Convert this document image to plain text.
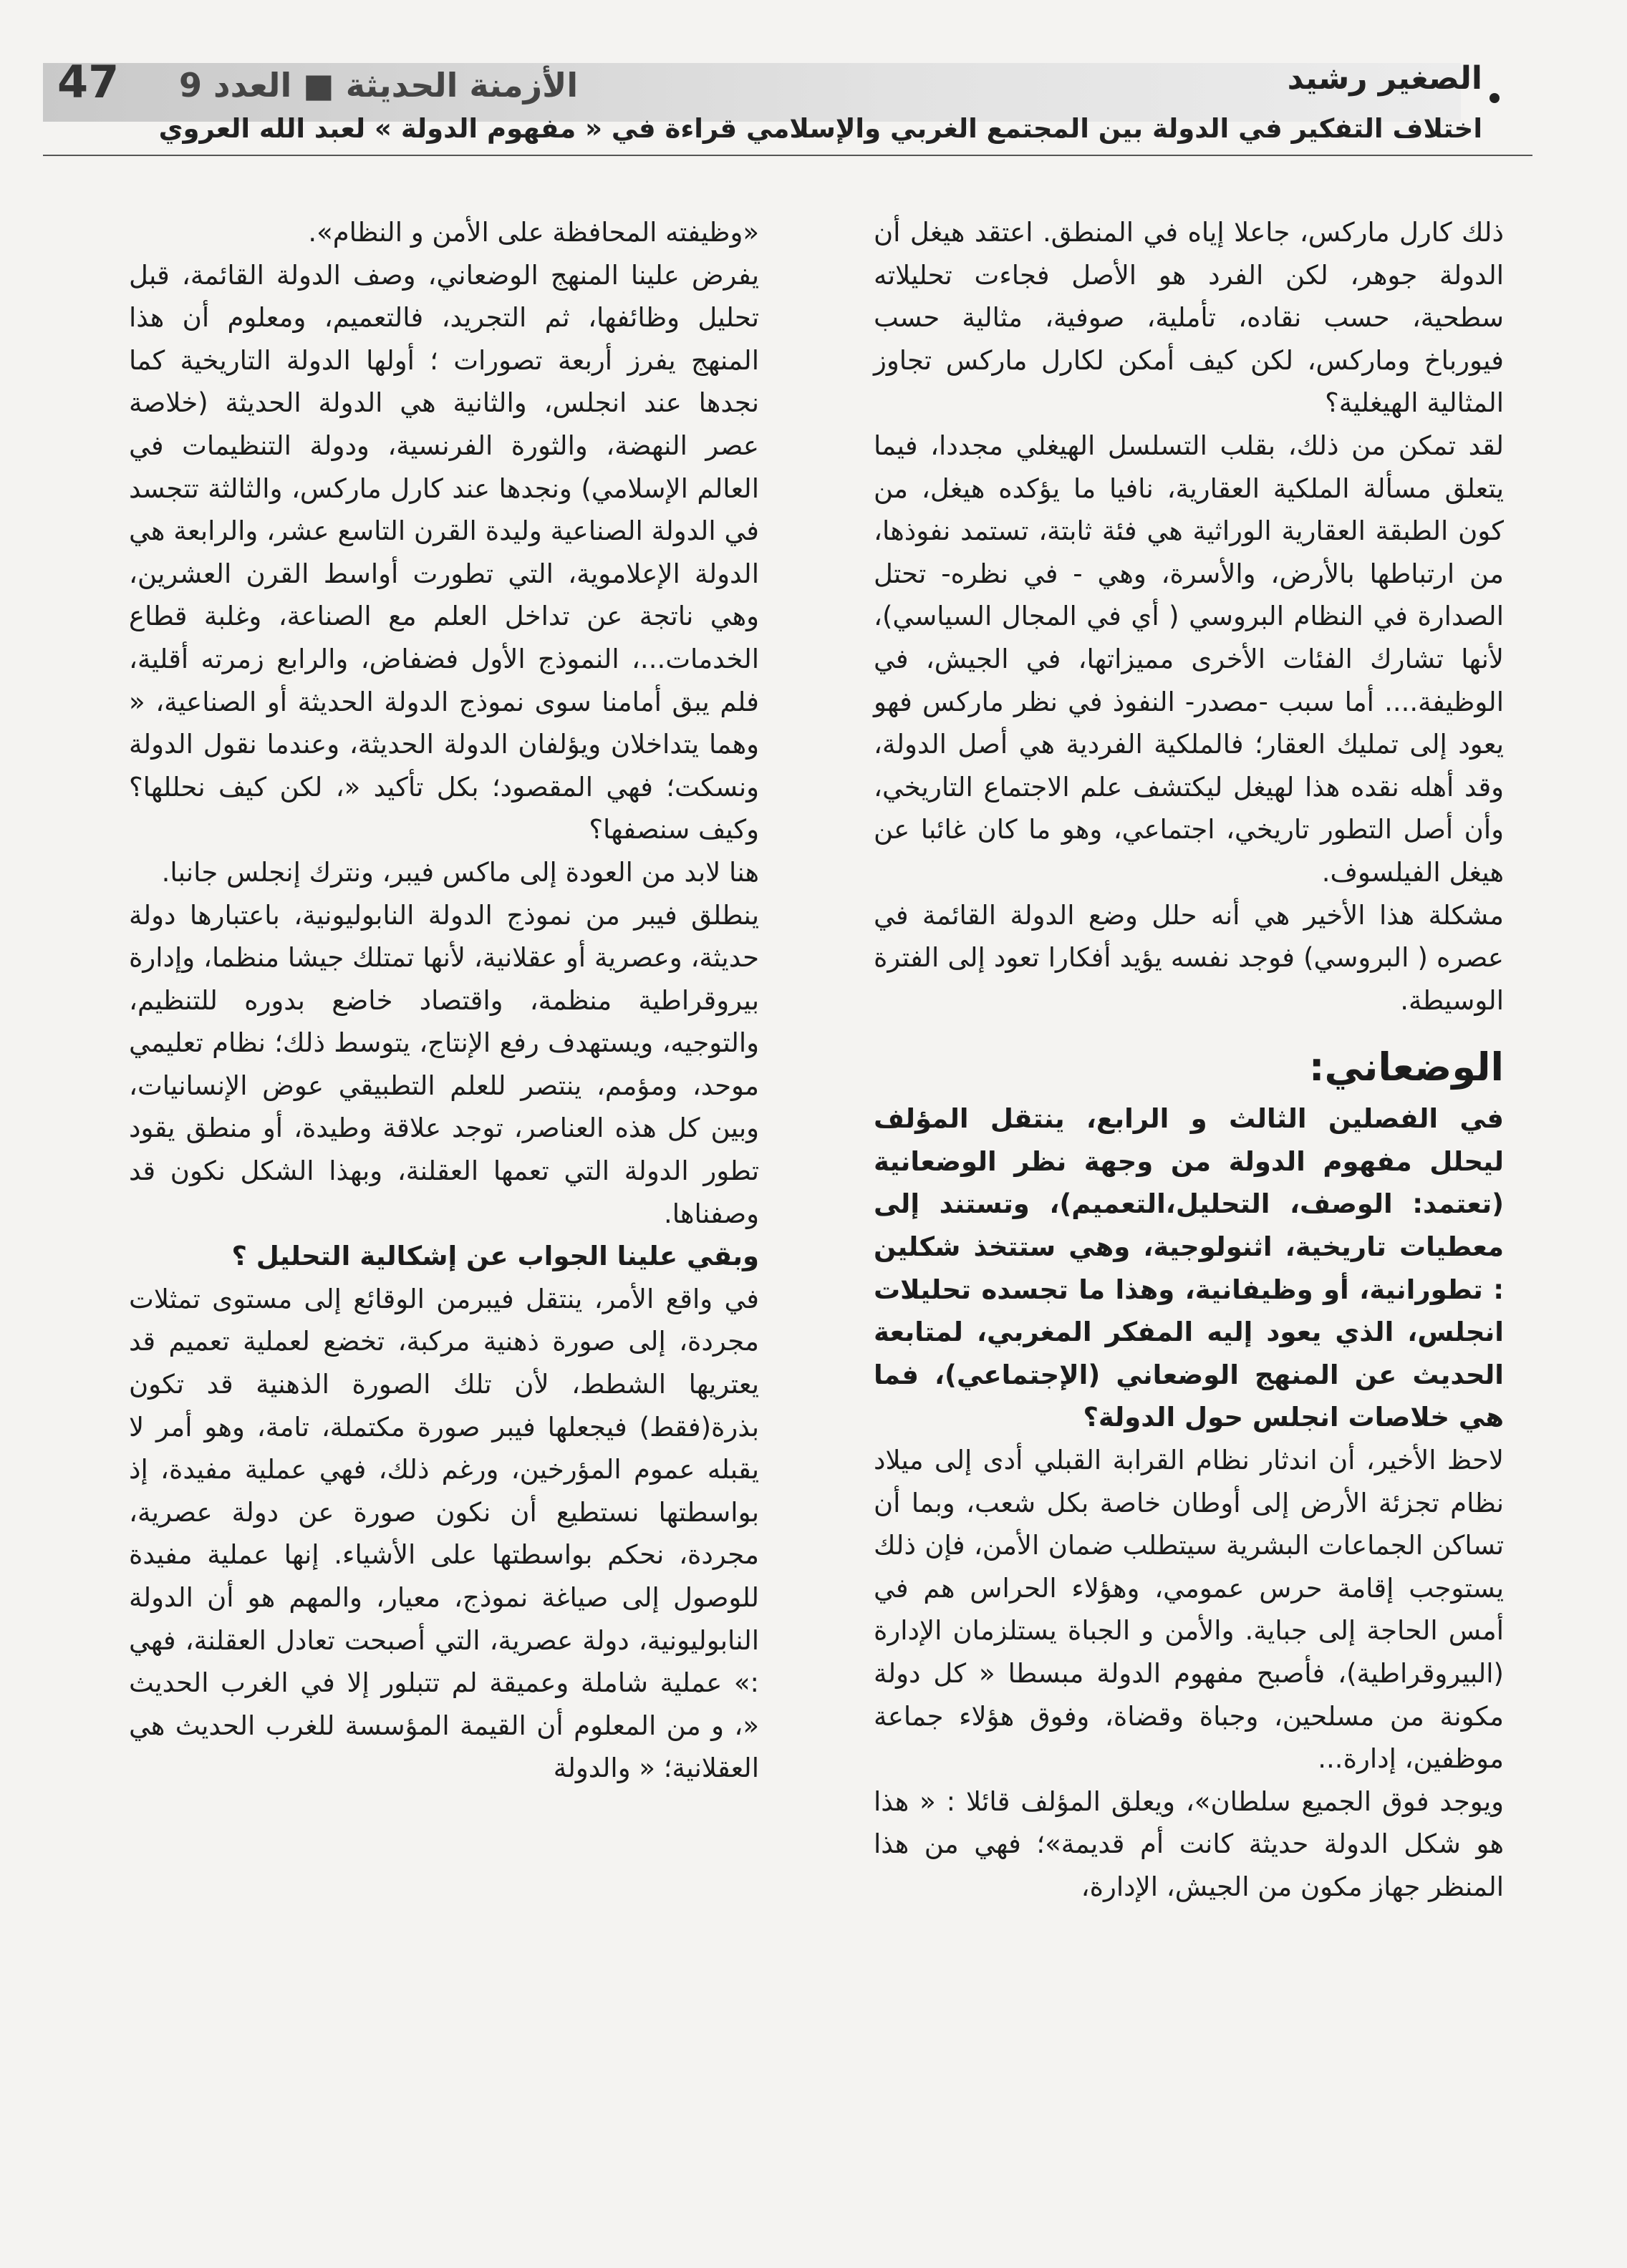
47 الأزمنة الحديثة ■ العدد 9	الصغير رشيد
اختلاف التفكير في الدولة بين المجتمع الغربي والإسلامي قراءة في « مفهوم الدولة » لعبد الله العروي

ذلك كارل ماركس، جاعلا إياه في المنطق. اعتقد هيغل أن الدولة جوهر، لكن الفرد هو الأصل فجاءت تحليلاته سطحية، حسب نقاده، تأملية، صوفية، مثالية حسب فيورباخ وماركس، لكن كيف أمكن لكارل ماركس تجاوز المثالية الهيغلية؟

لقد تمكن من ذلك، بقلب التسلسل الهيغلي مجددا، فيما يتعلق مسألة الملكية العقارية، نافيا ما يؤكده هيغل، من كون الطبقة العقارية الوراثية هي فئة ثابتة، تستمد نفوذها، من ارتباطها بالأرض، والأسرة، وهي - في نظره- تحتل الصدارة في النظام البروسي ( أي في المجال السياسي)، لأنها تشارك الفئات الأخرى مميزاتها، في الجيش، في الوظيفة.... أما سبب -مصدر- النفوذ في نظر ماركس فهو يعود إلى تمليك العقار؛ فالملكية الفردية هي أصل الدولة، وقد أهله نقده هذا لهيغل ليكتشف علم الاجتماع التاريخي، وأن أصل التطور تاريخي، اجتماعي، وهو ما كان غائبا عن هيغل الفيلسوف.

مشكلة هذا الأخير هي أنه حلل وضع الدولة القائمة في عصره ( البروسي) فوجد نفسه يؤيد أفكارا تعود إلى الفترة الوسيطة.

الوضعاني:

في الفصلين الثالث و الرابع، ينتقل المؤلف ليحلل مفهوم الدولة من وجهة نظر الوضعانية (تعتمد: الوصف، التحليل،التعميم)، وتستند إلى معطيات تاريخية، اثنولوجية، وهي ستتخذ شكلين : تطورانية، أو وظيفانية، وهذا ما تجسده تحليلات انجلس، الذي يعود إليه المفكر المغربي، لمتابعة الحديث عن المنهج الوضعاني (الإجتماعي)، فما هي خلاصات انجلس حول الدولة؟

لاحظ الأخير، أن اندثار نظام القرابة القبلي أدى إلى ميلاد نظام تجزئة الأرض إلى أوطان خاصة بكل شعب، وبما أن تساكن الجماعات البشرية سيتطلب ضمان الأمن، فإن ذلك يستوجب إقامة حرس عمومي، وهؤلاء الحراس هم في أمس الحاجة إلى جباية. والأمن و الجباة يستلزمان الإدارة (البيروقراطية)، فأصبح مفهوم الدولة مبسطا « كل دولة مكونة من مسلحين، وجباة وقضاة، وفوق هؤلاء جماعة موظفين، إدارة...

ويوجد فوق الجميع سلطان»، ويعلق المؤلف قائلا : « هذا هو شكل الدولة حديثة كانت أم قديمة»؛ فهي من هذا المنظر جهاز مكون من الجيش، الإدارة،

«وظيفته المحافظة على الأمن و النظام».

يفرض علينا المنهج الوضعاني، وصف الدولة القائمة، قبل تحليل وظائفها، ثم التجريد، فالتعميم، ومعلوم أن هذا المنهج يفرز أربعة تصورات ؛ أولها الدولة التاريخية كما نجدها عند انجلس، والثانية هي الدولة الحديثة (خلاصة عصر النهضة، والثورة الفرنسية، ودولة التنظيمات في العالم الإسلامي) ونجدها عند كارل ماركس، والثالثة تتجسد في الدولة الصناعية وليدة القرن التاسع عشر، والرابعة هي الدولة الإعلاموية، التي تطورت أواسط القرن العشرين، وهي ناتجة عن تداخل العلم مع الصناعة، وغلبة قطاع الخدمات...، النموذج الأول فضفاض، والرابع زمرته أقلية، فلم يبق أمامنا سوى نموذج الدولة الحديثة أو الصناعية، « وهما يتداخلان ويؤلفان الدولة الحديثة، وعندما نقول الدولة ونسكت؛ فهي المقصود؛ بكل تأكيد «، لكن كيف نحللها؟ وكيف سنصفها؟

هنا لابد من العودة إلى ماكس فيبر، ونترك إنجلس جانبا.

ينطلق فيبر من نموذج الدولة النابوليونية، باعتبارها دولة حديثة، وعصرية أو عقلانية، لأنها تمتلك جيشا منظما، وإدارة بيروقراطية منظمة، واقتصاد خاضع بدوره للتنظيم، والتوجيه، ويستهدف رفع الإنتاج، يتوسط ذلك؛ نظام تعليمي موحد، ومؤمم، ينتصر للعلم التطبيقي عوض الإنسانيات، وبين كل هذه العناصر، توجد علاقة وطيدة، أو منطق يقود تطور الدولة التي تعمها العقلنة، وبهذا الشكل نكون قد وصفناها.

وبقي علينا الجواب عن إشكالية التحليل ؟

في واقع الأمر، ينتقل فيبرمن الوقائع إلى مستوى تمثلات مجردة، إلى صورة ذهنية مركبة، تخضع لعملية تعميم قد يعتريها الشطط، لأن تلك الصورة الذهنية قد تكون بذرة(فقط) فيجعلها فيبر صورة مكتملة، تامة، وهو أمر لا يقبله عموم المؤرخين، ورغم ذلك، فهي عملية مفيدة، إذ بواسطتها نستطيع أن نكون صورة عن دولة عصرية، مجردة، نحكم بواسطتها على الأشياء. إنها عملية مفيدة للوصول إلى صياغة نموذج، معيار، والمهم هو أن الدولة النابوليونية، دولة عصرية، التي أصبحت تعادل العقلنة، فهي :» عملية شاملة وعميقة لم تتبلور إلا في الغرب الحديث «، و من المعلوم أن القيمة المؤسسة للغرب الحديث هي العقلانية؛ « والدولة
